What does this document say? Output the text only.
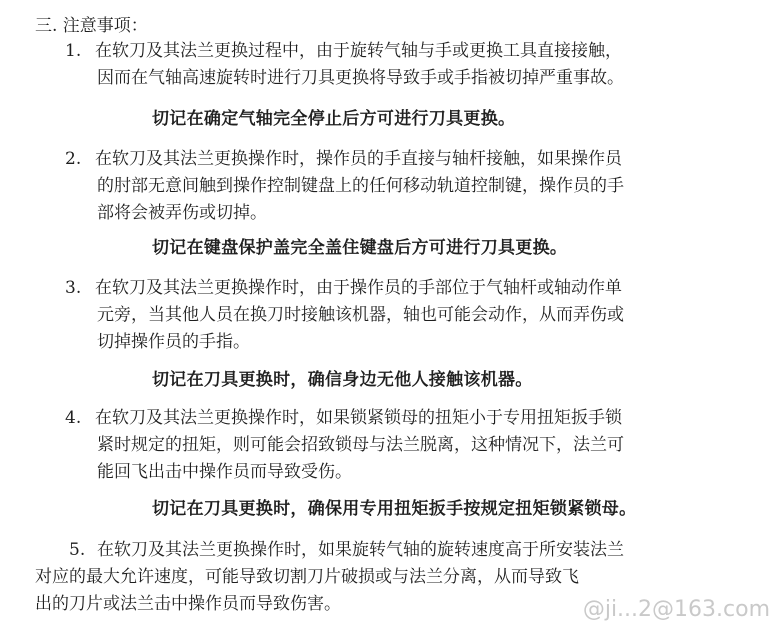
三. 注意事项：
1. 在软刀及其法兰更换过程中，由于旋转气轴与手或更换工具直接接触，
因而在气轴高速旋转时进行刀具更换将导致手或手指被切掉严重事故。
切记在确定气轴完全停止后方可进行刀具更换。
2. 在软刀及其法兰更换操作时，操作员的手直接与轴杆接触，如果操作员
的肘部无意间触到操作控制键盘上的任何移动轨道控制键，操作员的手
部将会被弄伤或切掉。
切记在键盘保护盖完全盖住键盘后方可进行刀具更换。
3. 在软刀及其法兰更换操作时，由于操作员的手部位于气轴杆或轴动作单
元旁，当其他人员在换刀时接触该机器，轴也可能会动作，从而弄伤或
切掉操作员的手指。
切记在刀具更换时，确信身边无他人接触该机器。
4. 在软刀及其法兰更换操作时，如果锁紧锁母的扭矩小于专用扭矩扳手锁
紧时规定的扭矩，则可能会招致锁母与法兰脱离，这种情况下，法兰可
能回飞出击中操作员而导致受伤。
切记在刀具更换时，确保用专用扭矩扳手按规定扭矩锁紧锁母。
5. 在软刀及其法兰更换操作时，如果旋转气轴的旋转速度高于所安装法兰
对应的最大允许速度，可能导致切割刀片破损或与法兰分离，从而导致飞
出的刀片或法兰击中操作员而导致伤害。	@ji...2@163.com
